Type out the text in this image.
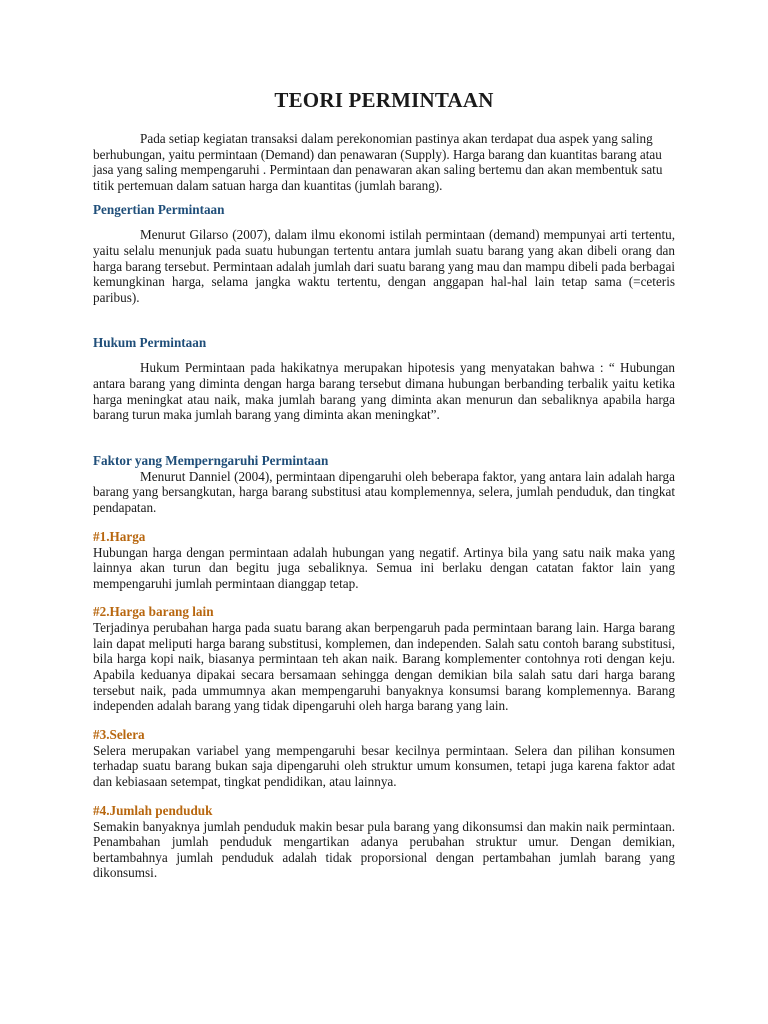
TEORI PERMINTAAN

Pada setiap kegiatan transaksi dalam perekonomian pastinya akan terdapat dua aspek yang saling berhubungan, yaitu permintaan (Demand) dan penawaran (Supply). Harga barang dan kuantitas barang atau jasa yang saling mempengaruhi . Permintaan dan penawaran akan saling bertemu dan akan membentuk satu titik pertemuan dalam satuan harga dan kuantitas (jumlah barang).

Pengertian Permintaan

Menurut Gilarso (2007), dalam ilmu ekonomi istilah permintaan (demand) mempunyai arti tertentu, yaitu selalu menunjuk pada suatu hubungan tertentu antara jumlah suatu barang yang akan dibeli orang dan harga barang tersebut. Permintaan adalah jumlah dari suatu barang yang mau dan mampu dibeli pada berbagai kemungkinan harga, selama jangka waktu tertentu, dengan anggapan hal-hal lain tetap sama (=ceteris paribus).

Hukum Permintaan

Hukum Permintaan pada hakikatnya merupakan hipotesis yang menyatakan bahwa : “ Hubungan antara barang yang diminta dengan harga barang tersebut dimana hubungan berbanding terbalik yaitu ketika harga meningkat atau naik, maka jumlah barang yang diminta akan menurun dan sebaliknya apabila harga barang turun maka jumlah barang yang diminta akan meningkat”.

Faktor yang Memperngaruhi Permintaan

Menurut Danniel (2004), permintaan dipengaruhi oleh beberapa faktor, yang antara lain adalah harga barang yang bersangkutan, harga barang substitusi atau komplemennya, selera, jumlah penduduk, dan tingkat pendapatan.

#1.Harga

Hubungan harga dengan permintaan adalah hubungan yang negatif. Artinya bila yang satu naik maka yang lainnya akan turun dan begitu juga sebaliknya. Semua ini berlaku dengan catatan faktor lain yang mempengaruhi jumlah permintaan dianggap tetap.

#2.Harga barang lain

Terjadinya perubahan harga pada suatu barang akan berpengaruh pada permintaan barang lain. Harga barang lain dapat meliputi harga barang substitusi, komplemen, dan independen. Salah satu contoh barang substitusi, bila harga kopi naik, biasanya permintaan teh akan naik. Barang komplementer contohnya roti dengan keju. Apabila keduanya dipakai secara bersamaan sehingga dengan demikian bila salah satu dari harga barang tersebut naik, pada ummumnya akan mempengaruhi banyaknya konsumsi barang komplemennya. Barang independen adalah barang yang tidak dipengaruhi oleh harga barang yang lain.

#3.Selera

Selera merupakan variabel yang mempengaruhi besar kecilnya permintaan. Selera dan pilihan konsumen terhadap suatu barang bukan saja dipengaruhi oleh struktur umum konsumen, tetapi juga karena faktor adat dan kebiasaan setempat, tingkat pendidikan, atau lainnya.

#4.Jumlah penduduk

Semakin banyaknya jumlah penduduk makin besar pula barang yang dikonsumsi dan makin naik permintaan. Penambahan jumlah penduduk mengartikan adanya perubahan struktur umur. Dengan demikian, bertambahnya jumlah penduduk adalah tidak proporsional dengan pertambahan jumlah barang yang dikonsumsi.
